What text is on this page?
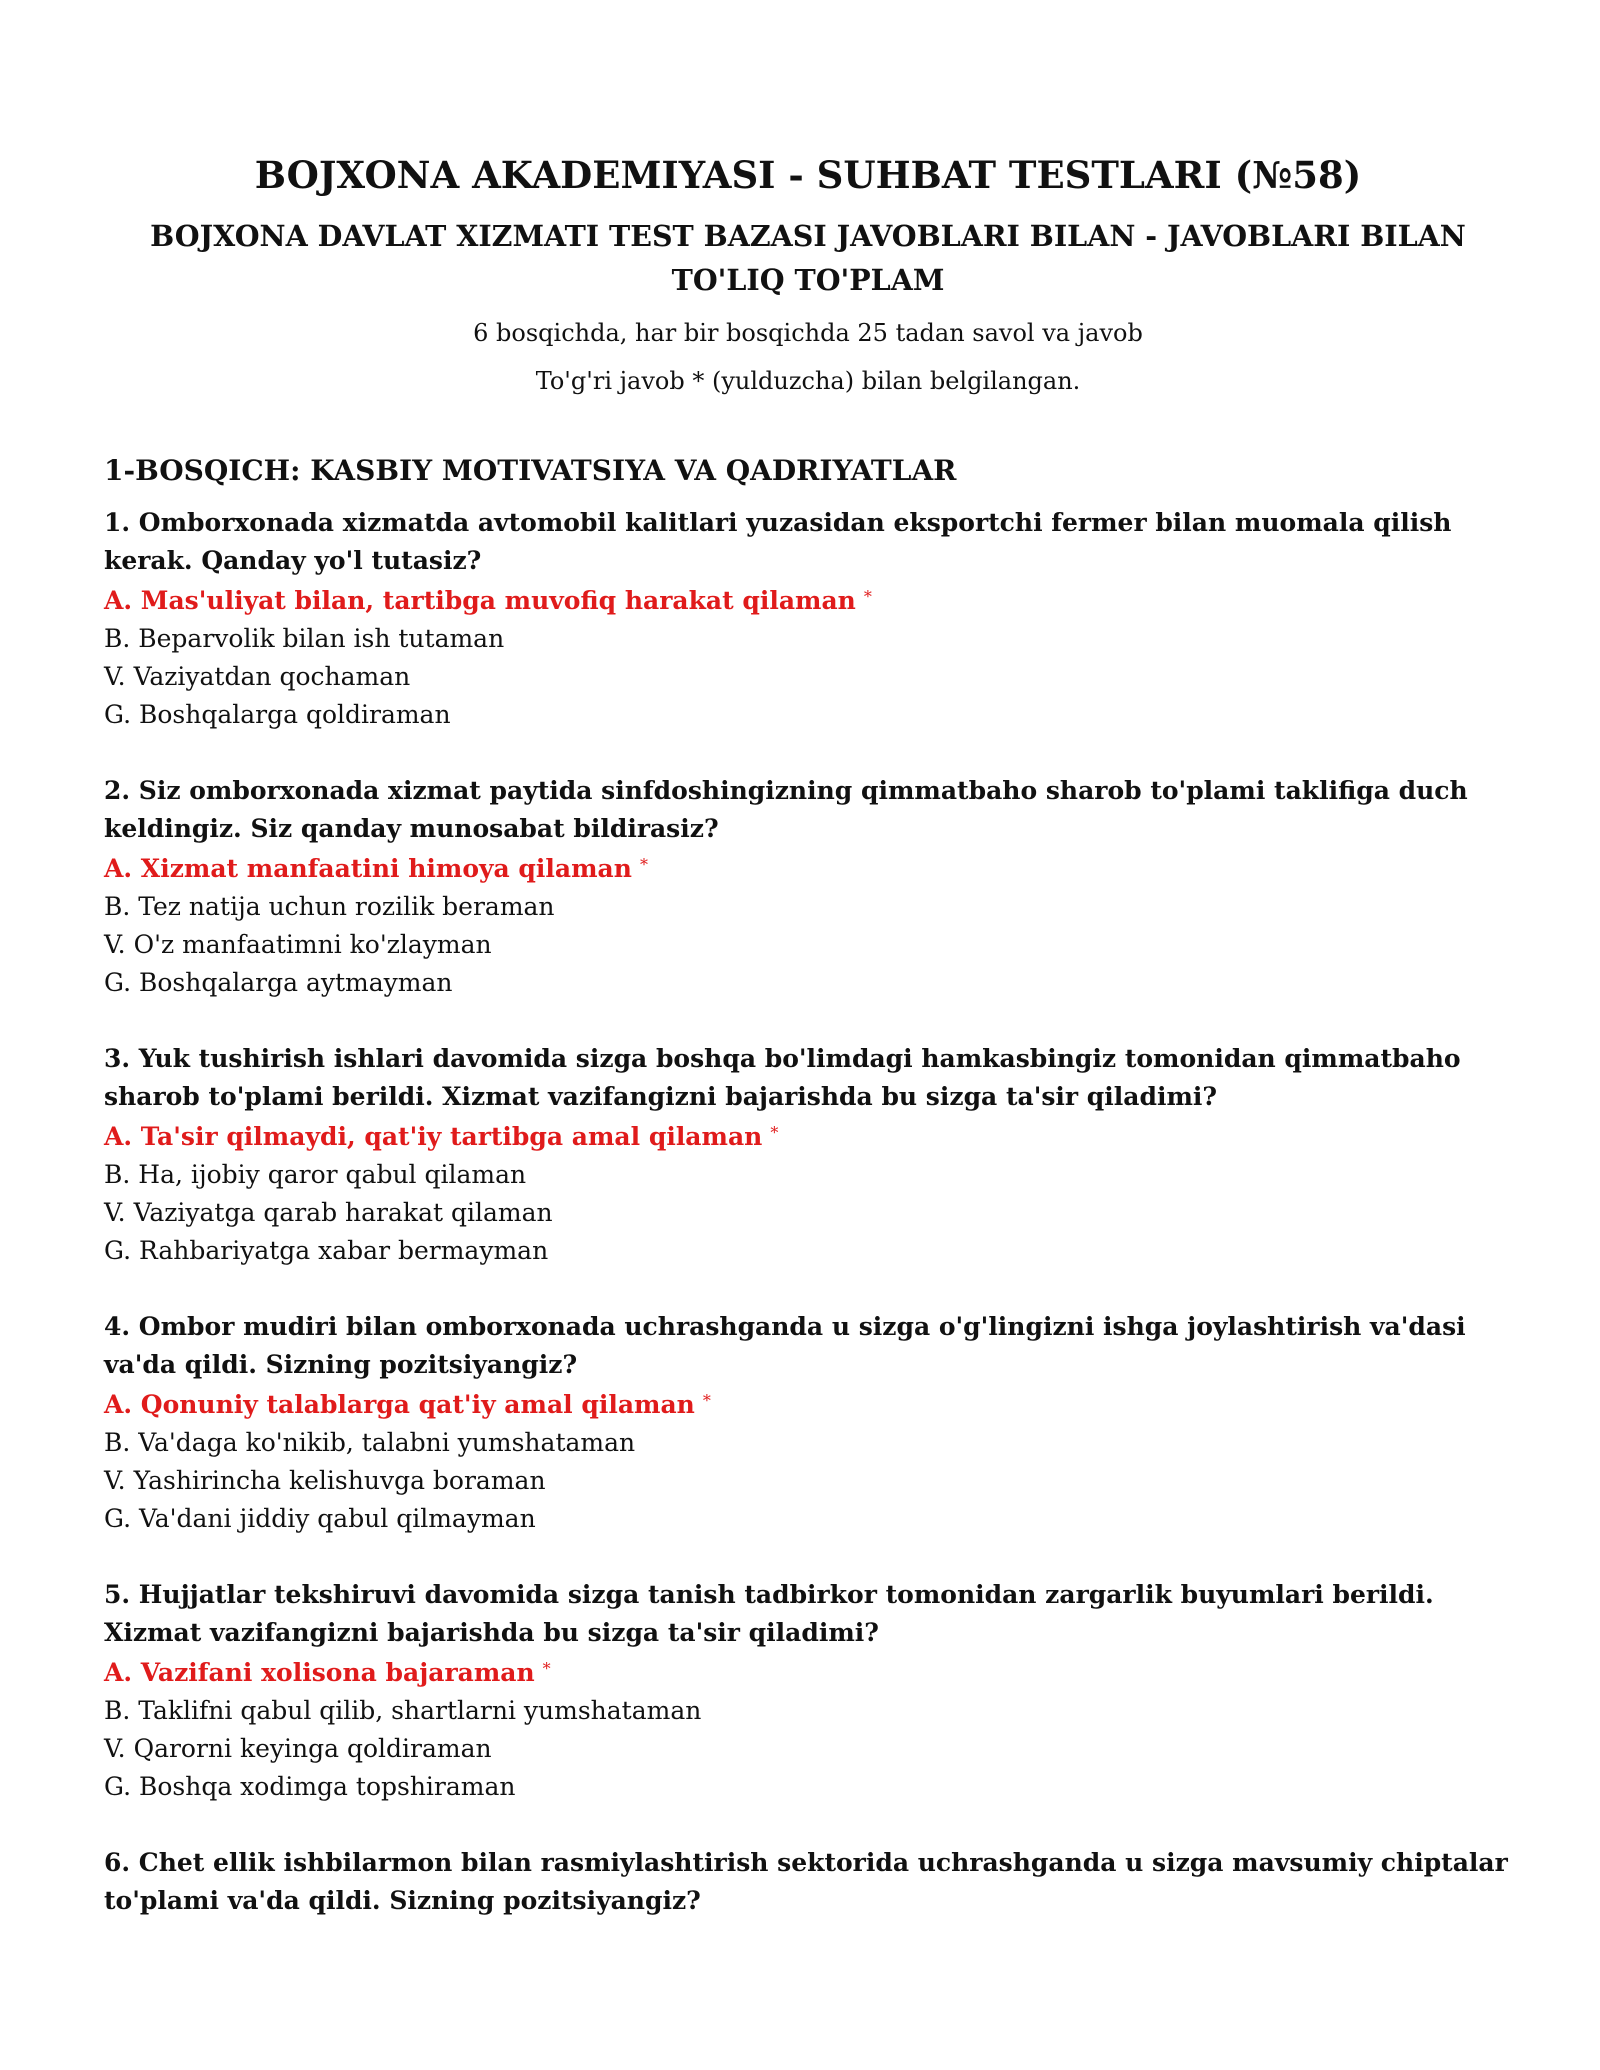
BOJXONA AKADEMIYASI - SUHBAT TESTLARI (№58)
BOJXONA DAVLAT XIZMATI TEST BAZASI JAVOBLARI BILAN - JAVOBLARI BILAN TO'LIQ TO'PLAM

6 bosqichda, har bir bosqichda 25 tadan savol va javob

To'g'ri javob * (yulduzcha) bilan belgilangan.

1-BOSQICH: KASBIY MOTIVATSIYA VA QADRIYATLAR

1. Omborxonada xizmatda avtomobil kalitlari yuzasidan eksportchi fermer bilan muomala qilish kerak. Qanday yo'l tutasiz?

A. Mas'uliyat bilan, tartibga muvofiq harakat qilaman *

B. Beparvolik bilan ish tutaman

V. Vaziyatdan qochaman

G. Boshqalarga qoldiraman

2. Siz omborxonada xizmat paytida sinfdoshingizning qimmatbaho sharob to'plami taklifiga duch keldingiz. Siz qanday munosabat bildirasiz?

A. Xizmat manfaatini himoya qilaman *

B. Tez natija uchun rozilik beraman

V. O'z manfaatimni ko'zlayman

G. Boshqalarga aytmayman

3. Yuk tushirish ishlari davomida sizga boshqa bo'limdagi hamkasbingiz tomonidan qimmatbaho sharob to'plami berildi. Xizmat vazifangizni bajarishda bu sizga ta'sir qiladimi?

A. Ta'sir qilmaydi, qat'iy tartibga amal qilaman *

B. Ha, ijobiy qaror qabul qilaman

V. Vaziyatga qarab harakat qilaman

G. Rahbariyatga xabar bermayman

4. Ombor mudiri bilan omborxonada uchrashganda u sizga o'g'lingizni ishga joylashtirish va'dasi va'da qildi. Sizning pozitsiyangiz?

A. Qonuniy talablarga qat'iy amal qilaman *

B. Va'daga ko'nikib, talabni yumshataman

V. Yashirincha kelishuvga boraman

G. Va'dani jiddiy qabul qilmayman

5. Hujjatlar tekshiruvi davomida sizga tanish tadbirkor tomonidan zargarlik buyumlari berildi. Xizmat vazifangizni bajarishda bu sizga ta'sir qiladimi?

A. Vazifani xolisona bajaraman *

B. Taklifni qabul qilib, shartlarni yumshataman

V. Qarorni keyinga qoldiraman

G. Boshqa xodimga topshiraman

6. Chet ellik ishbilarmon bilan rasmiylashtirish sektorida uchrashganda u sizga mavsumiy chiptalar to'plami va'da qildi. Sizning pozitsiyangiz?
